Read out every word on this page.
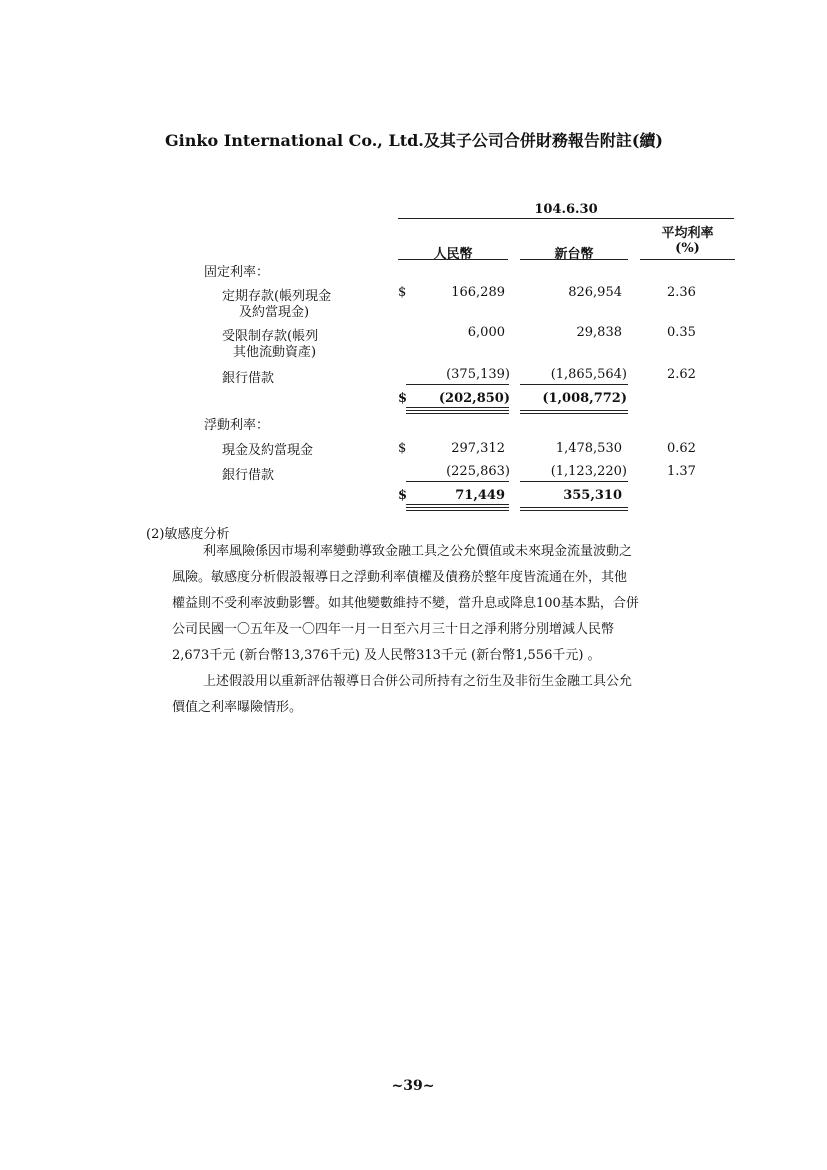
Ginko International Co., Ltd.及其子公司合併財務報告附註(續)
104.6.30
平均利率
人民幣	新台幣	(%)
固定利率：
定期存款(帳列現金
及約當現金)
$	166,289	826,954	2.36
受限制存款(帳列
其他流動資產)
6,000	29,838	0.35
銀行借款	(375,139)	(1,865,564)	2.62
$	(202,850)	(1,008,772)
浮動利率：
現金及約當現金	$	297,312	1,478,530	0.62
銀行借款	(225,863)	(1,123,220)	1.37
$	71,449	355,310
(2)敏感度分析
利率風險係因市場利率變動導致金融工具之公允價值或未來現金流量波動之
風險。敏感度分析假設報導日之浮動利率債權及債務於整年度皆流通在外，其他
權益則不受利率波動影響。如其他變數維持不變，當升息或降息100基本點，合併
公司民國一〇五年及一〇四年一月一日至六月三十日之淨利將分別增減人民幣
2,673千元 (新台幣13,376千元) 及人民幣313千元 (新台幣1,556千元) 。
上述假設用以重新評估報導日合併公司所持有之衍生及非衍生金融工具公允
價值之利率曝險情形。
~39~
